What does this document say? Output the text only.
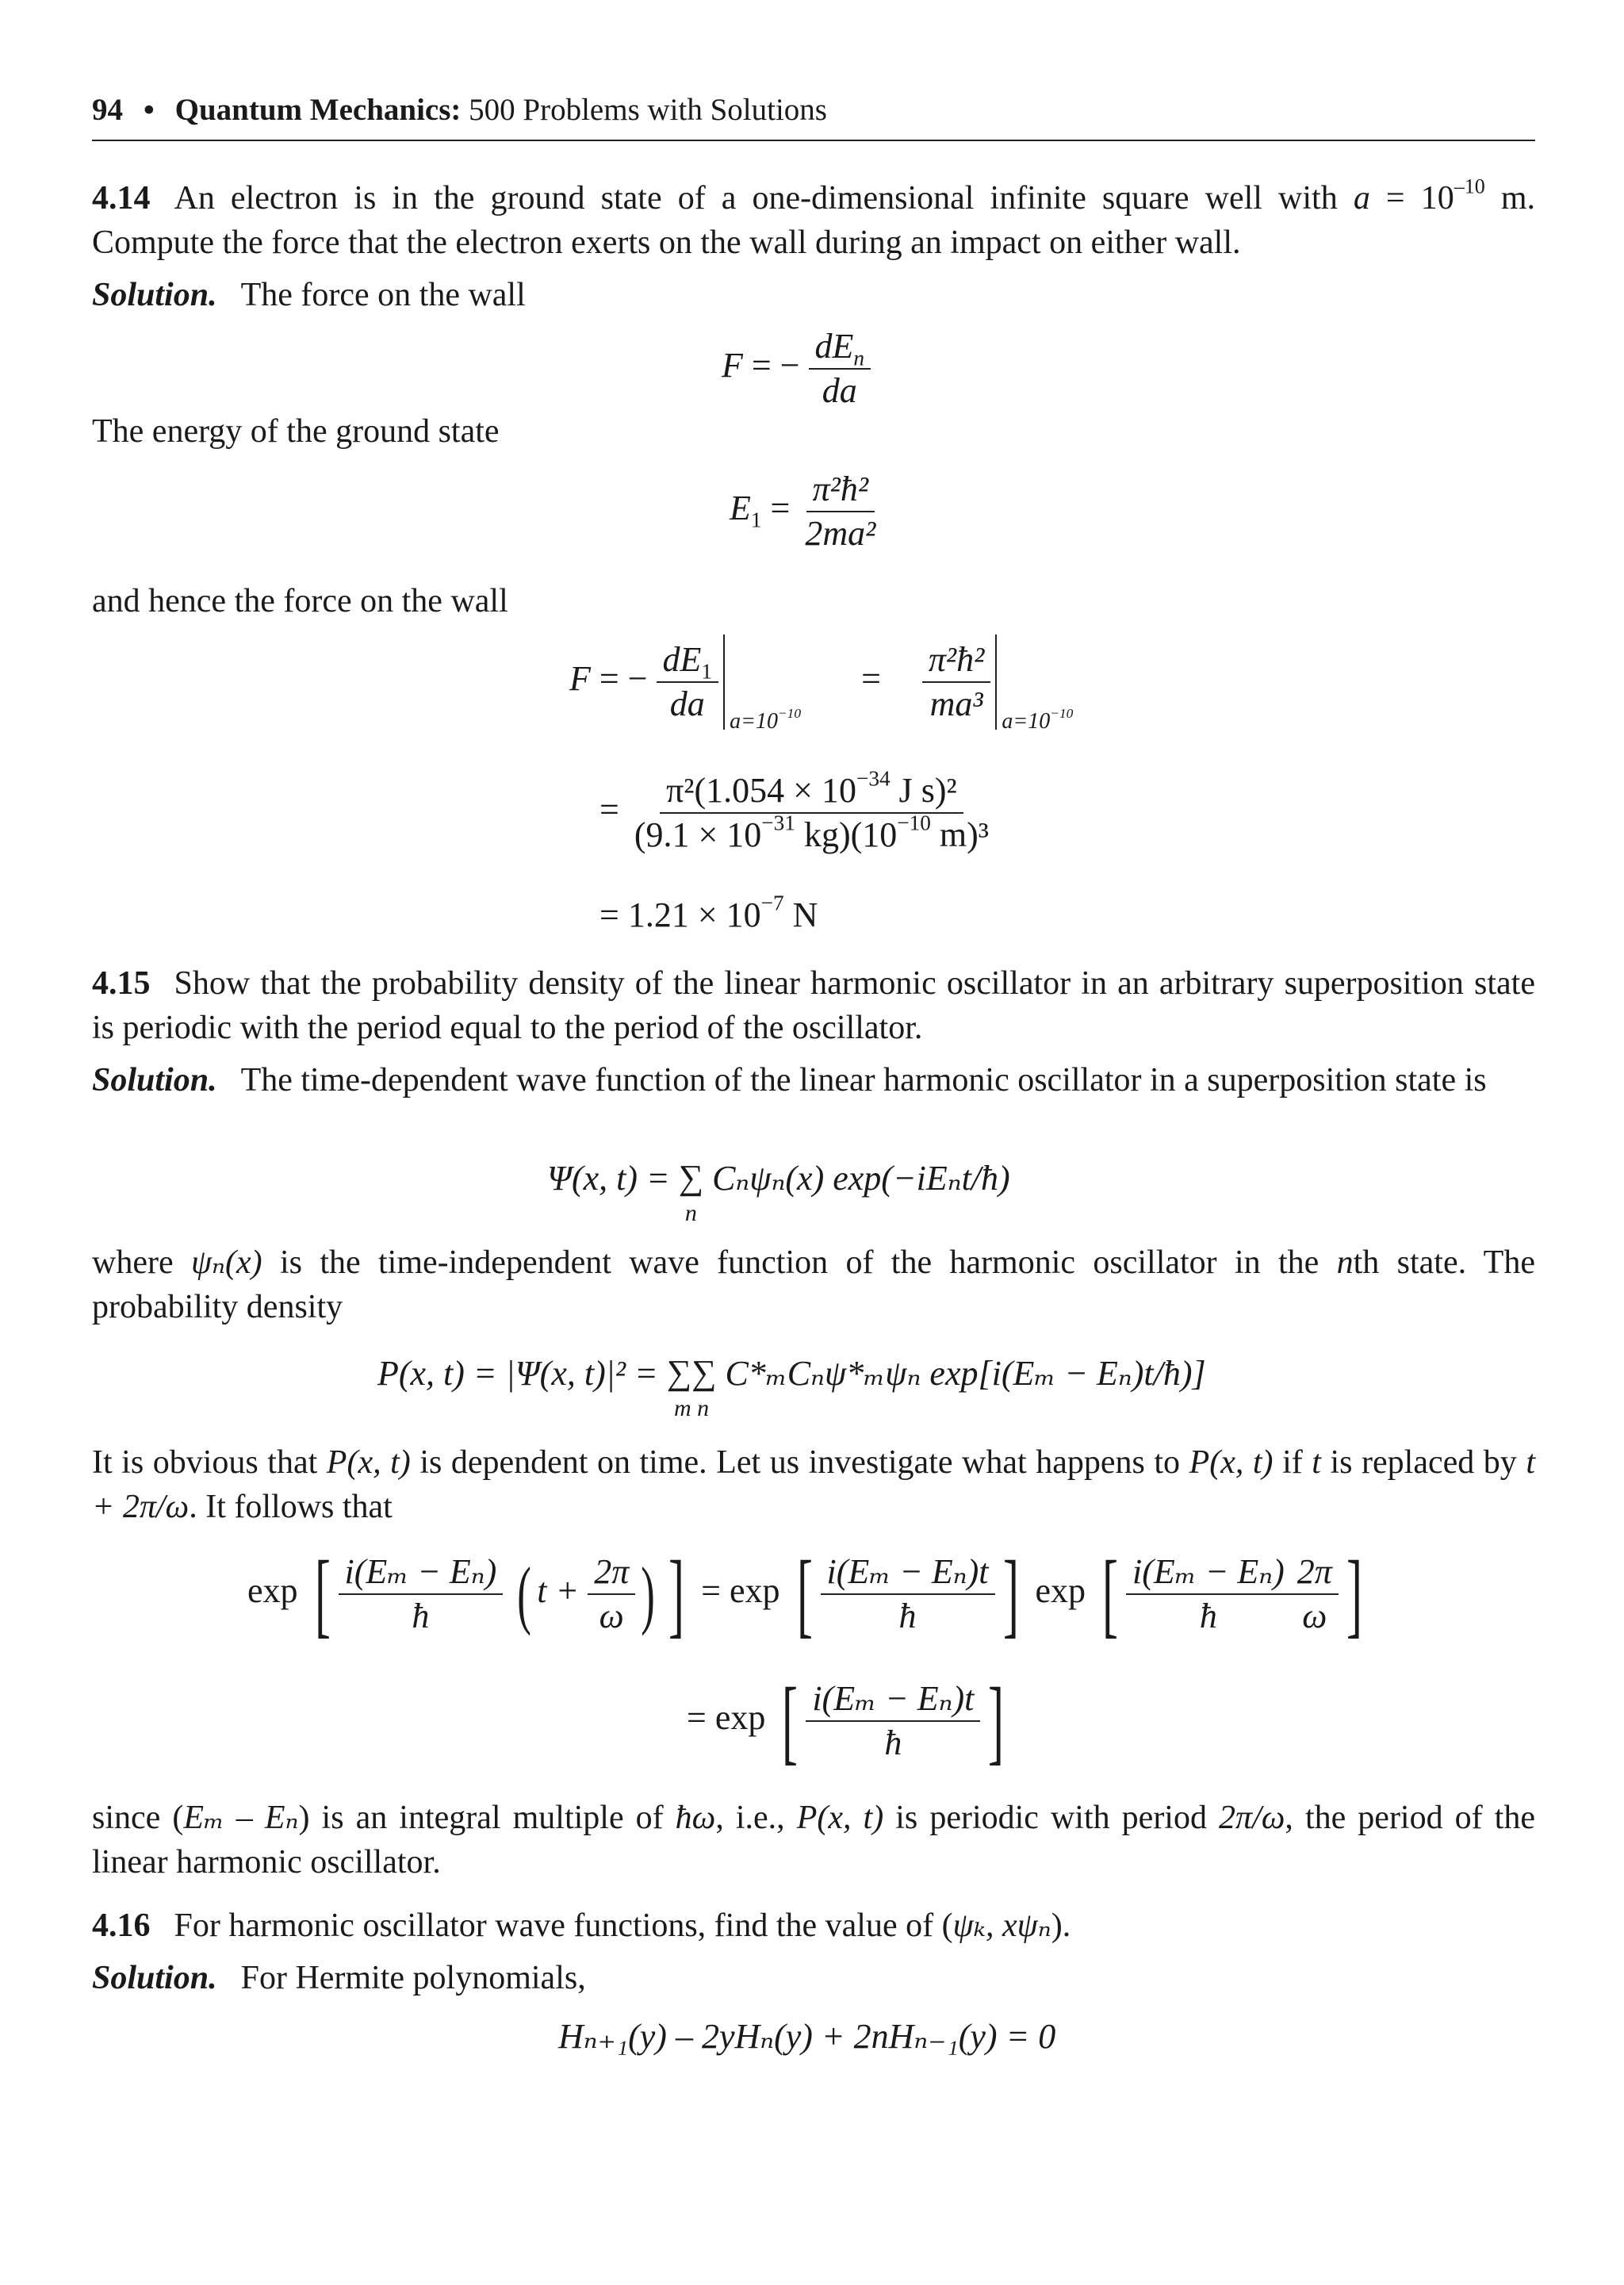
94 • Quantum Mechanics: 500 Problems with Solutions
4.14 An electron is in the ground state of a one-dimensional infinite square well with $a = 10^{-10}$ m. Compute the force that the electron exerts on the wall during an impact on either wall.
Solution. The force on the wall
F = − $\frac{dE_n}{da}$
The energy of the ground state
$E_1 = \frac{\text{π²ħ²}}{\text{2ma²}}$
and hence the force on the wall
F = − $\frac{dE_1}{da} a=10^{-10}$
= $\frac{\text{π²ħ²}}{\text{ma³}} a=10^{-10}$
= $\frac{\pi^2(1.054 \times 10^{-34} J s)^2}{(9.1 \times 10^{-31} kg)(10^{-10} m)^3}$
= $1.21 \times 10^{-7}$ N
4.15 Show that the probability density of the linear harmonic oscillator in an arbitrary superposition state is periodic with the period equal to the period of the oscillator.
Solution. The time-dependent wave function of the linear harmonic oscillator in a superposition state is
Ψ(x, t) = ∑
n
Cₙψₙ(x) exp(−iEₙt/ħ)
where ψₙ(x) is the time-independent wave function of the harmonic oscillator in the nth state. The probability density
P(x, t) = |Ψ(x, t)|² = ∑∑
m n
C*ₘCₙψ*ₘψₙ exp[i(Eₘ − Eₙ)t/ħ)]
It is obvious that P(x, t) is dependent on time. Let us investigate what happens to P(x, t) if t is replaced by t + 2π/ω. It follows that
exp [ $\frac{\text{i(Eₘ − Eₙ)}}{ħ}$ ( $t + \frac{2\pi}{\omega}$ ) ] = exp [ $\frac{\text{i(Eₘ − Eₙ)t}}{ħ}$ ] exp [ $\frac{\text{i(Eₘ − Eₙ)}}{ħ} \frac{2\pi}{\omega}$ ]
= exp [ $\frac{\text{i(Eₘ − Eₙ)t}}{ħ}$ ]
since (Eₘ – Eₙ) is an integral multiple of ħω, i.e., P(x, t) is periodic with period 2π/ω, the period of the linear harmonic oscillator.
4.16 For harmonic oscillator wave functions, find the value of (ψₖ, xψₙ).
Solution. For Hermite polynomials,
Hₙ₊₁(y) – 2yHₙ(y) + 2nHₙ₋₁(y) = 0
